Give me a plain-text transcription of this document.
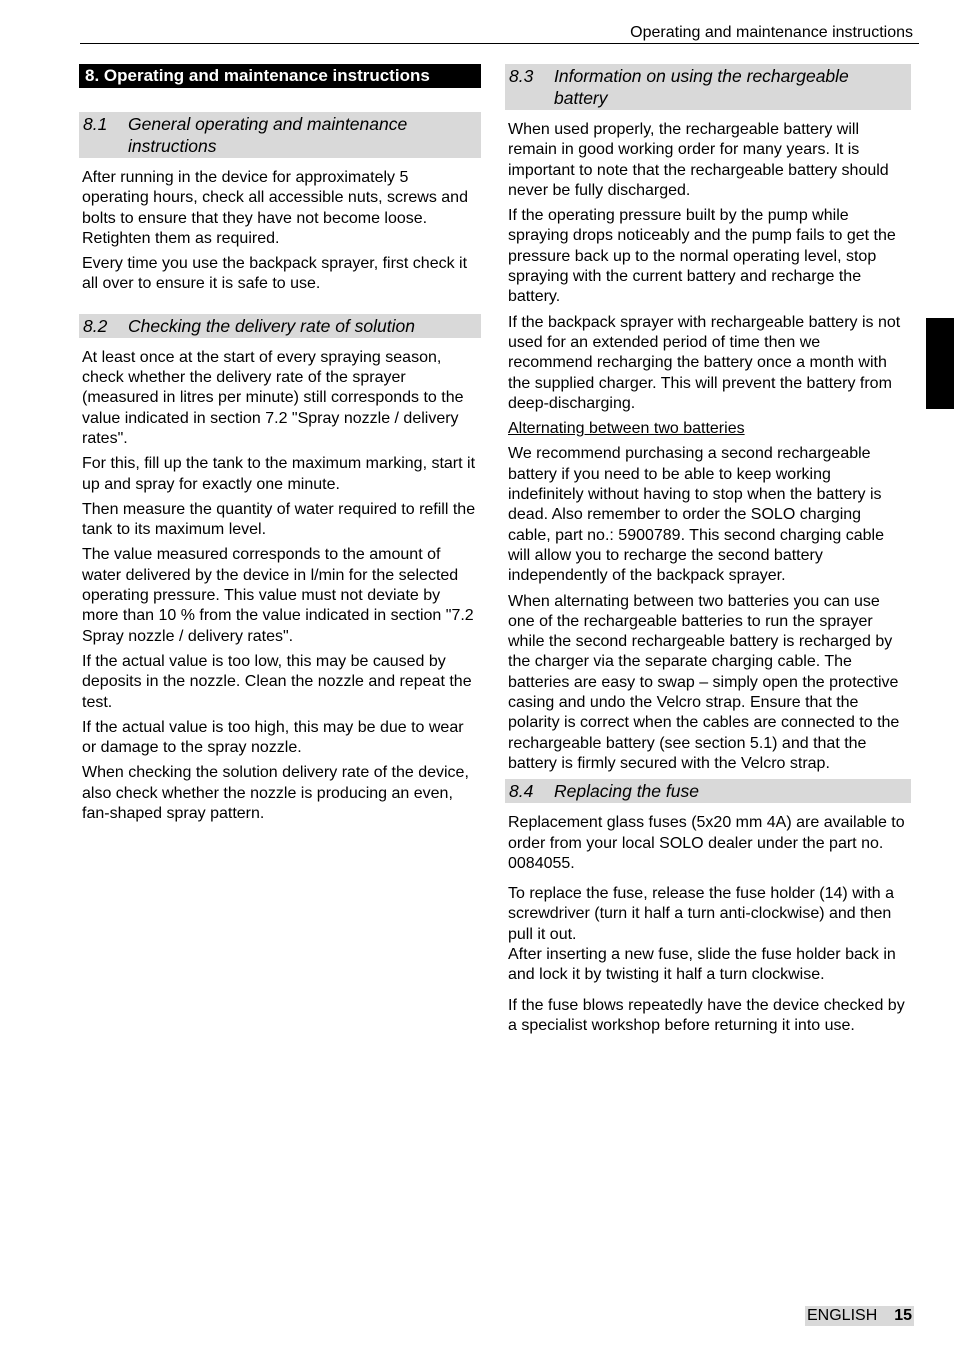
Operating and maintenance instructions
8. Operating and maintenance instructions
8.1 General operating and maintenance instructions

After running in the device for approximately 5 operating hours, check all accessible nuts, screws and bolts to ensure that they have not become loose. Retighten them as required.

Every time you use the backpack sprayer, first check it all over to ensure it is safe to use.

8.2 Checking the delivery rate of solution

At least once at the start of every spraying season, check whether the delivery rate of the sprayer (measured in litres per minute) still corresponds to the value indicated in section 7.2 "Spray nozzle / delivery rates".

For this, fill up the tank to the maximum marking, start it up and spray for exactly one minute.

Then measure the quantity of water required to refill the tank to its maximum level.

The value measured corresponds to the amount of water delivered by the device in l/min for the selected operating pressure. This value must not deviate by more than 10 % from the value indicated in section "7.2 Spray nozzle / delivery rates".

If the actual value is too low, this may be caused by deposits in the nozzle. Clean the nozzle and repeat the test.

If the actual value is too high, this may be due to wear or damage to the spray nozzle.

When checking the solution delivery rate of the device, also check whether the nozzle is producing an even, fan-shaped spray pattern.

8.3 Information on using the rechargeable battery

When used properly, the rechargeable battery will remain in good working order for many years. It is important to note that the rechargeable battery should never be fully discharged.

If the operating pressure built by the pump while spraying drops noticeably and the pump fails to get the pressure back up to the normal operating level, stop spraying with the current battery and recharge the battery.

If the backpack sprayer with rechargeable battery is not used for an extended period of time then we recommend recharging the battery once a month with the supplied charger. This will prevent the battery from deep-discharging.

Alternating between two batteries

We recommend purchasing a second rechargeable battery if you need to be able to keep working indefinitely without having to stop when the battery is dead. Also remember to order the SOLO charging cable, part no.: 5900789. This second charging cable will allow you to recharge the second battery independently of the backpack sprayer.

When alternating between two batteries you can use one of the rechargeable batteries to run the sprayer while the second rechargeable battery is recharged by the charger via the separate charging cable. The batteries are easy to swap – simply open the protective casing and undo the Velcro strap. Ensure that the polarity is correct when the cables are connected to the rechargeable battery (see section 5.1) and that the battery is firmly secured with the Velcro strap.

8.4 Replacing the fuse

Replacement glass fuses (5x20 mm 4A) are available to order from your local SOLO dealer under the part no. 0084055.

To replace the fuse, release the fuse holder (14) with a screwdriver (turn it half a turn anti-clockwise) and then pull it out.

After inserting a new fuse, slide the fuse holder back in and lock it by twisting it half a turn clockwise.

If the fuse blows repeatedly have the device checked by a specialist workshop before returning it into use.

ENGLISH 15
